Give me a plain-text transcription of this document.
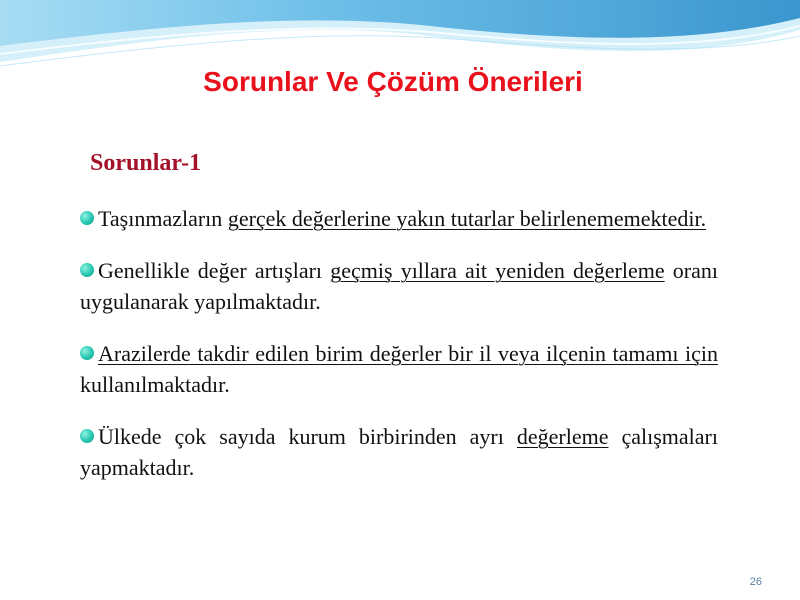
Sorunlar Ve Çözüm Önerileri
Sorunlar-1
Taşınmazların gerçek değerlerine yakın tutarlar belirlenememektedir.
Genellikle değer artışları geçmiş yıllara ait yeniden değerleme oranı uygulanarak yapılmaktadır.
Arazilerde takdir edilen birim değerler bir il veya ilçenin tamamı için kullanılmaktadır.
Ülkede çok sayıda kurum birbirinden ayrı değerleme çalışmaları yapmaktadır.
26
